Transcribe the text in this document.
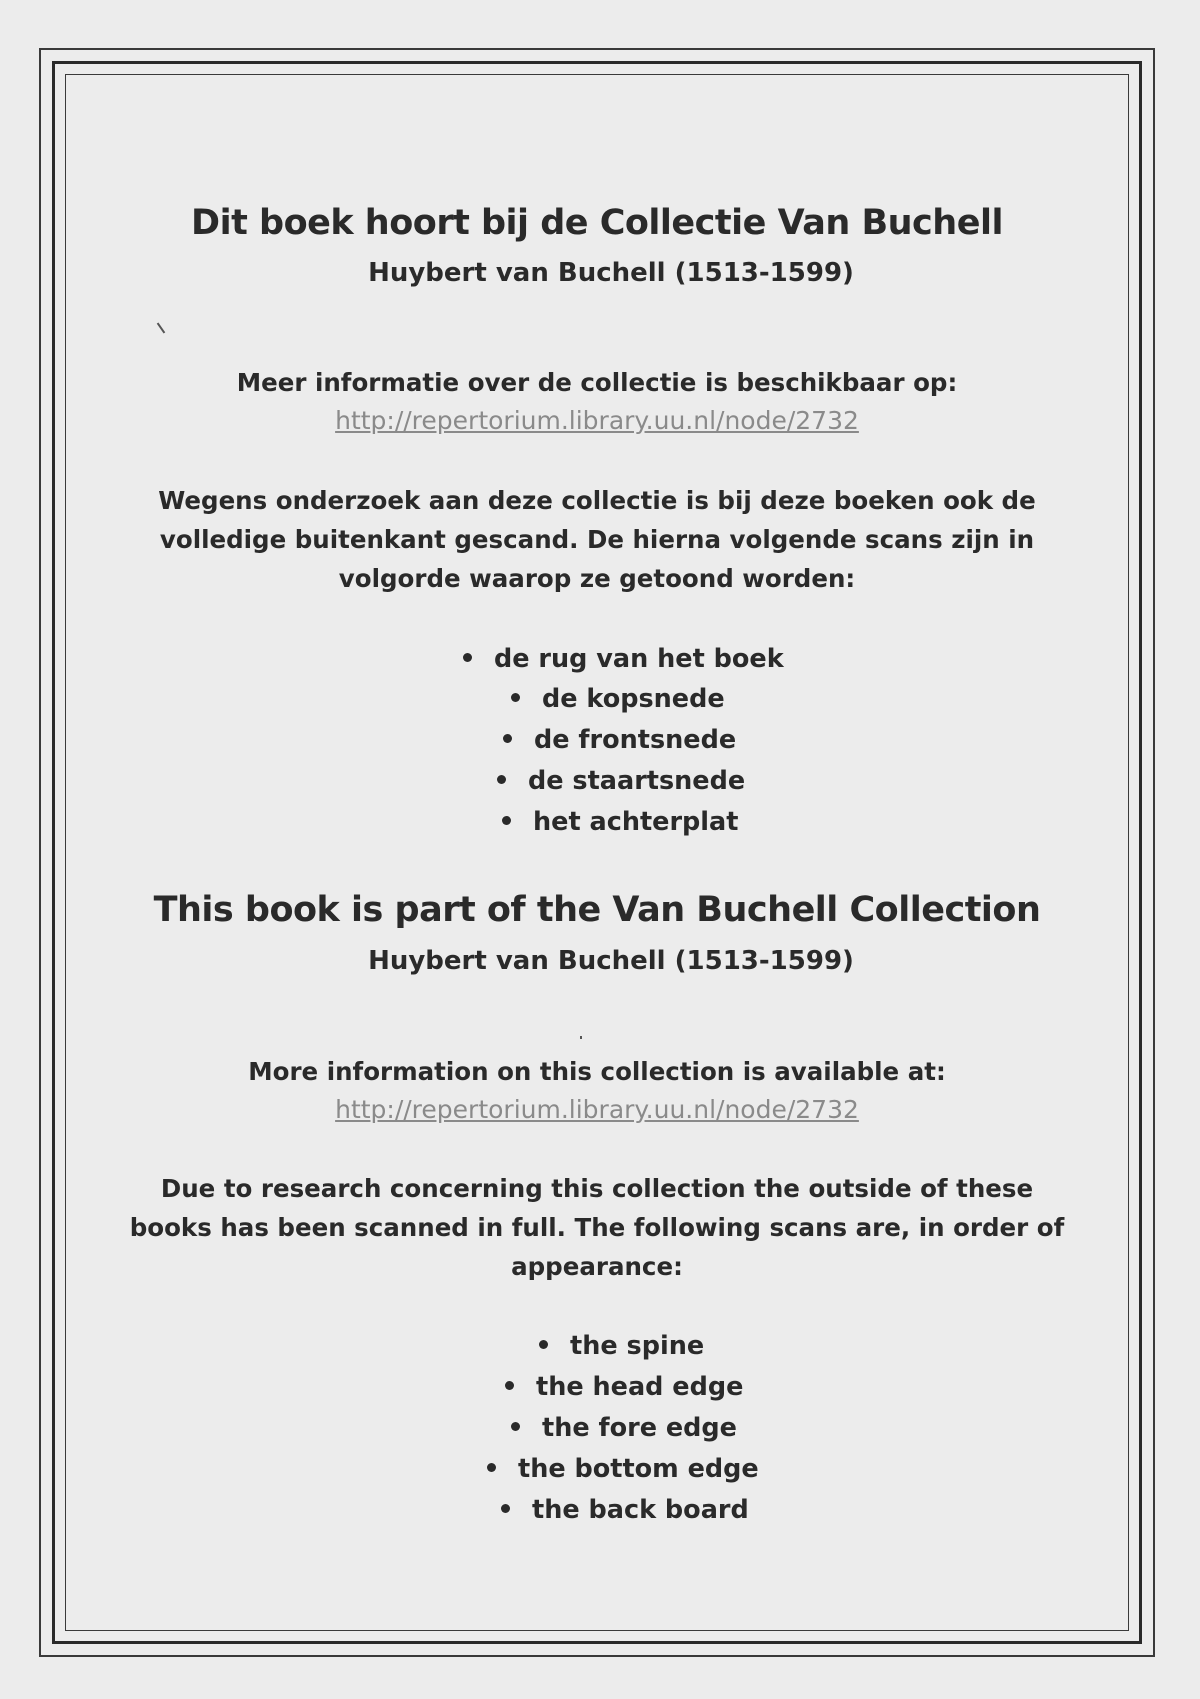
Dit boek hoort bij de Collectie Van Buchell
Huybert van Buchell (1513-1599)
Meer informatie over de collectie is beschikbaar op:
http://repertorium.library.uu.nl/node/2732
Wegens onderzoek aan deze collectie is bij deze boeken ook de
volledige buitenkant gescand. De hierna volgende scans zijn in
volgorde waarop ze getoond worden:
de rug van het boek
de kopsnede
de frontsnede
de staartsnede
het achterplat
This book is part of the Van Buchell Collection
Huybert van Buchell (1513-1599)
More information on this collection is available at:
http://repertorium.library.uu.nl/node/2732
Due to research concerning this collection the outside of these
books has been scanned in full. The following scans are, in order of
appearance:
the spine
the head edge
the fore edge
the bottom edge
the back board
